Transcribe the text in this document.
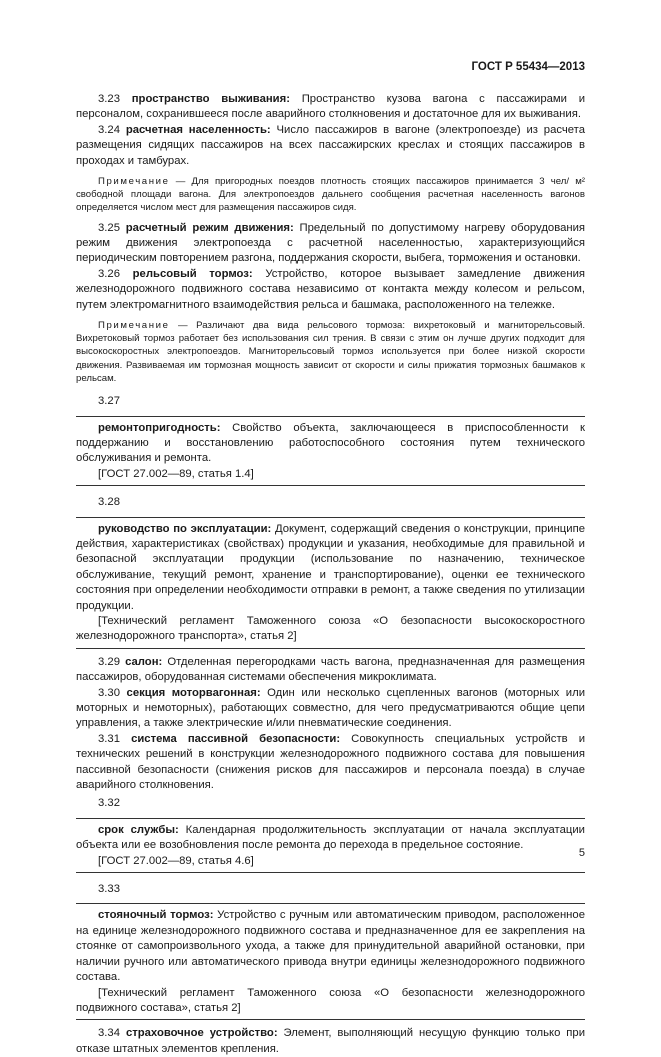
ГОСТ Р 55434—2013

3.23 пространство выживания: Пространство кузова вагона с пассажирами и персоналом, сохранившееся после аварийного столкновения и достаточное для их выживания.

3.24 расчетная населенность: Число пассажиров в вагоне (электропоезде) из расчета размещения сидящих пассажиров на всех пассажирских креслах и стоящих пассажиров в проходах и тамбурах.

Примечание — Для пригородных поездов плотность стоящих пассажиров принимается 3 чел/ м² свободной площади вагона. Для электропоездов дальнего сообщения расчетная населенность вагонов определяется числом мест для размещения пассажиров сидя.

3.25 расчетный режим движения: Предельный по допустимому нагреву оборудования режим движения электропоезда с расчетной населенностью, характеризующийся периодическим повторением разгона, поддержания скорости, выбега, торможения и остановки.

3.26 рельсовый тормоз: Устройство, которое вызывает замедление движения железнодорожного подвижного состава независимо от контакта между колесом и рельсом, путем электромагнитного взаимодействия рельса и башмака, расположенного на тележке.

Примечание — Различают два вида рельсового тормоза: вихретоковый и магниторельсовый. Вихретоковый тормоз работает без использования сил трения. В связи с этим он лучше других подходит для высокоскоростных электропоездов. Магниторельсовый тормоз используется при более низкой скорости движения. Развиваемая им тормозная мощность зависит от скорости и силы прижатия тормозных башмаков к рельсам.

3.27

ремонтопригодность: Свойство объекта, заключающееся в приспособленности к поддержанию и восстановлению работоспособного состояния путем технического обслуживания и ремонта.

[ГОСТ 27.002—89, статья 1.4]

3.28

руководство по эксплуатации: Документ, содержащий сведения о конструкции, принципе действия, характеристиках (свойствах) продукции и указания, необходимые для правильной и безопасной эксплуатации продукции (использование по назначению, техническое обслуживание, текущий ремонт, хранение и транспортирование), оценки ее технического состояния при определении необходимости отправки в ремонт, а также сведения по утилизации продукции.

[Технический регламент Таможенного союза «О безопасности высокоскоростного железнодорожного транспорта», статья 2]

3.29 салон: Отделенная перегородками часть вагона, предназначенная для размещения пассажиров, оборудованная системами обеспечения микроклимата.

3.30 секция моторвагонная: Один или несколько сцепленных вагонов (моторных или моторных и немоторных), работающих совместно, для чего предусматриваются общие цепи управления, а также электрические и/или пневматические соединения.

3.31 система пассивной безопасности: Совокупность специальных устройств и технических решений в конструкции железнодорожного подвижного состава для повышения пассивной безопасности (снижения рисков для пассажиров и персонала поезда) в случае аварийного столкновения.

3.32

срок службы: Календарная продолжительность эксплуатации от начала эксплуатации объекта или ее возобновления после ремонта до перехода в предельное состояние.

[ГОСТ 27.002—89, статья 4.6]

3.33

стояночный тормоз: Устройство с ручным или автоматическим приводом, расположенное на единице железнодорожного подвижного состава и предназначенное для ее закрепления на стоянке от самопроизвольного ухода, а также для принудительной аварийной остановки, при наличии ручного или автоматического привода внутри единицы железнодорожного подвижного состава.

[Технический регламент Таможенного союза «О безопасности железнодорожного подвижного состава», статья 2]

3.34 страховочное устройство: Элемент, выполняющий несущую функцию только при отказе штатных элементов крепления.

5
